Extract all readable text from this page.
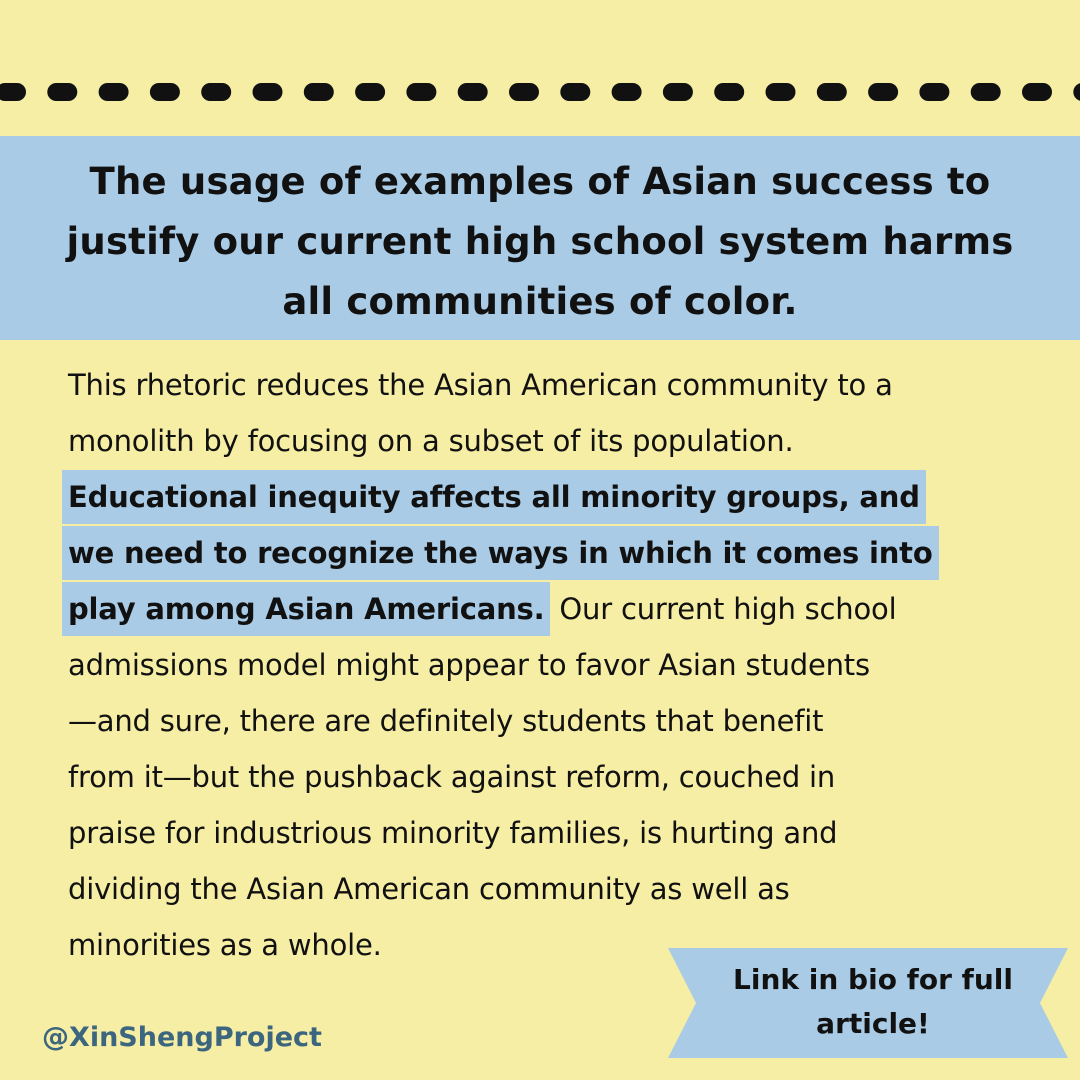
The usage of examples of Asian success to
justify our current high school system harms
all communities of color.
This rhetoric reduces the Asian American community to a
monolith by focusing on a subset of its population.
Educational inequity affects all minority groups, and
we need to recognize the ways in which it comes into
play among Asian Americans. Our current high school
admissions model might appear to favor Asian students
—and sure, there are definitely students that benefit
from it—but the pushback against reform, couched in
praise for industrious minority families, is hurting and
dividing the Asian American community as well as
minorities as a whole.
@XinShengProject
Link in bio for full
article!
